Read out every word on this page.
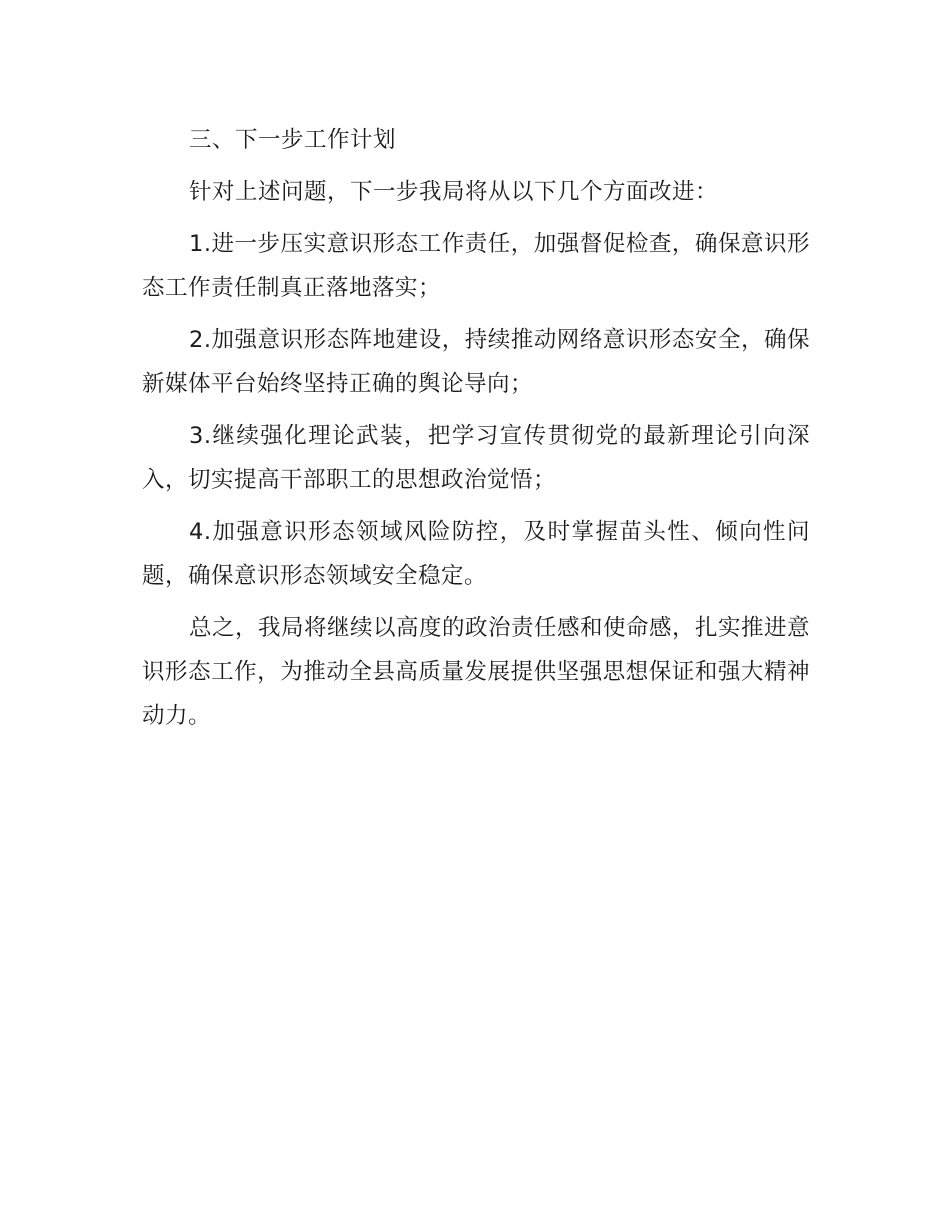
三、下一步工作计划

针对上述问题，下一步我局将从以下几个方面改进：

1.进一步压实意识形态工作责任，加强督促检查，确保意识形态工作责任制真正落地落实；

2.加强意识形态阵地建设，持续推动网络意识形态安全，确保新媒体平台始终坚持正确的舆论导向；

3.继续强化理论武装，把学习宣传贯彻党的最新理论引向深入，切实提高干部职工的思想政治觉悟；

4.加强意识形态领域风险防控，及时掌握苗头性、倾向性问题，确保意识形态领域安全稳定。

总之，我局将继续以高度的政治责任感和使命感，扎实推进意识形态工作，为推动全县高质量发展提供坚强思想保证和强大精神动力。
